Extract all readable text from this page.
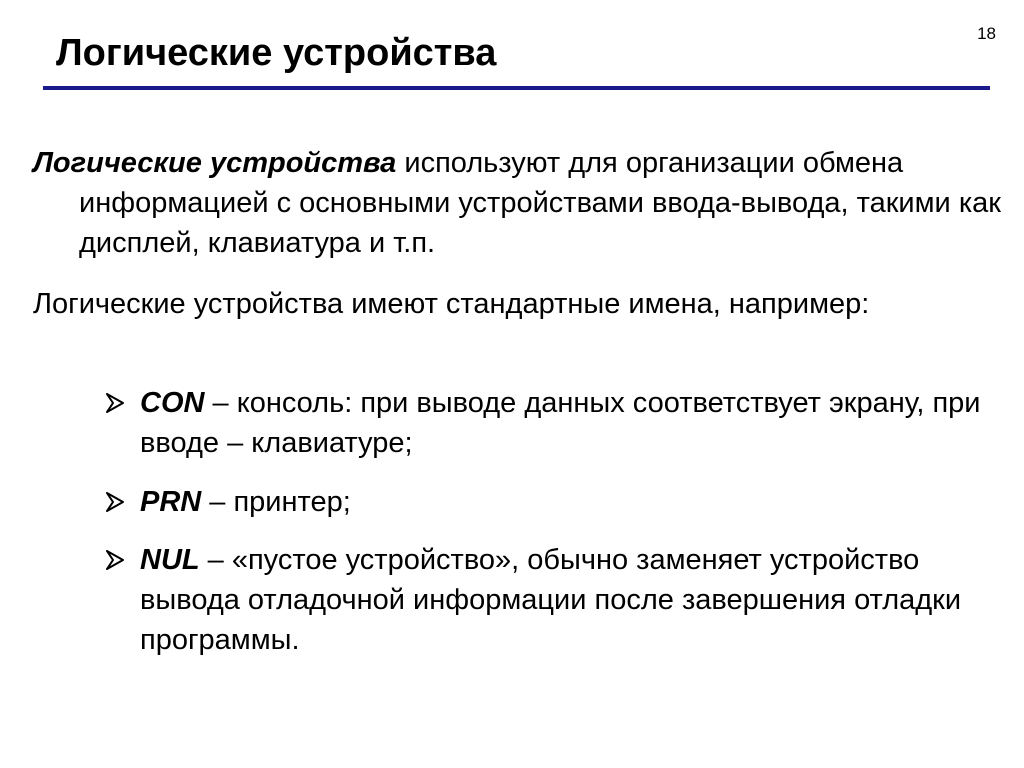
Логические устройства	18
Логические устройства используют для организации обмена информацией с основными устройствами ввода-вывода, такими как дисплей, клавиатура и т.п.
Логические устройства имеют стандартные имена, например:
CON – консоль: при выводе данных соответствует экрану, при вводе – клавиатуре;
PRN – принтер;
NUL – «пустое устройство», обычно заменяет устройство вывода отладочной информации после завершения отладки программы.
